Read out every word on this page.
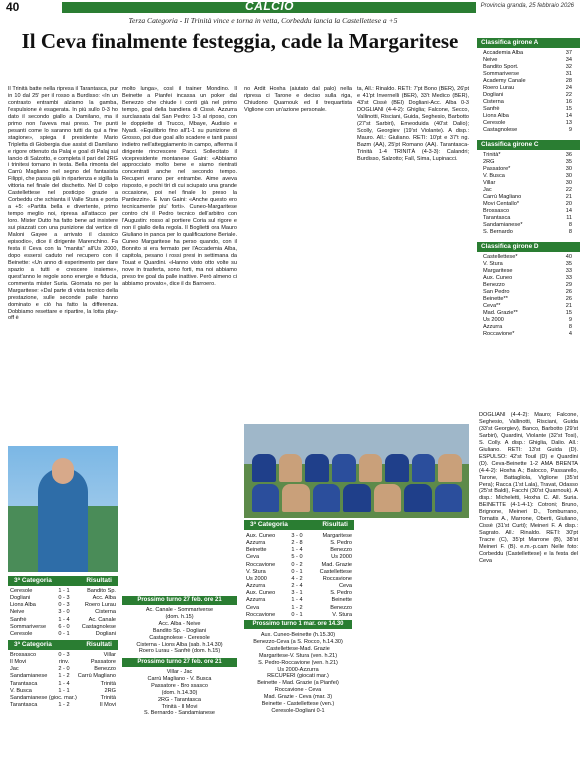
40	CALCIO	Provincia granda, 25 febbraio 2026
Terza Categoria - Il Trinità vince e torna in vetta, Corbeddu lancia la Castellettese a +5
Il Ceva finalmente festeggia, cade la Margaritese

Il Trinità batte nella ripresa il Tarantasca, pur in 10 dal 25' per il rosso a Burdisso: «In un contrasto entrambi alziamo la gamba, l'espulsione è esagerata. In più sullo 0-3 ho dato il secondo giallo a Damilano, ma il primo non l'aveva mai preso. Tre punti pesanti come lo saranno tutti da qui a fine stagione», spiega il presidente Mario Tripletta di Giobergia due assist di Damilano e rigore ottenuto da Palaj e goal di Palaj sul lancio di Salzotto, e completa il pari del 2RG i trinitesi tornano in testa. Bella rimonta del Carrù Magliano nel segno del fantasista Filippi, che passa già in ripartenza e sigilla la vittoria nel finale del dischetto. Nel D colpo Castellettese nel posticipo grazie a Corbeddu che schianta il Valle Stura e porta a +5: «Partita bella e divertente, primo tempo meglio noi, ripresa all'attacco per loro. Mister Dutto ha fatto bene ad insistere sui piazzati con una punizione dal vertice di Maloni Gayee a arrivato il classico episodio», dice il dirigente Marenchino. Fa festa il Ceva con la "manita" all'Us 2000, dopo essersi caduto nel recupero con il Beinette: «Un anno di esperimento per dare spazio a tutti e crescere insieme», quest'anno le regole sono energie e fiducia, commenta mister Suria. Giornata no per la Margaritese: «Dal parte di vista tecnico della prestazione, sulle seconde palle hanno dominato e ciò ha fatto la differenza. Dobbiamo resettare e ripartire, la lotta play-off è

molto lunga», così il trainer Mondino. Il Beinette a Pianfei incassa un poker dal Benezzo che chiude i conti già nel primo tempo, goal della bandiera di Cissè. Azzurra surclassata dal San Pedro: 1-3 al riposo, con le doppiette di Trucco, Mbaye, Audisio e Nyadi. «Equilibrio fino all'1-1 su punizione di Grosso, poi due goal allo scadere e tanti passi indietro nell'atteggiamento in campo, afferma il dirigente rincrescere Pacci. Sollecitato il vicepresidente montanese Gaini: «Abbiamo approcciato molto bene e siamo rientrati concentrati anche nel secondo tempo. Recuperi erano per entrambe. Aime aveva risposto, e pochi tiri di cui sciupato una grande occasione, poi nel finale lo preso la Pardezzin». E Ivan Gaini: «Anche questo ero tecnicamente piu' forti». Cuneo-Margaritese contro chi il Pedro tecnico dell'arbitro con l'Augustin: rosso al portiere Coria sul rigore e non il giallo della regola. Il Boglietti ora Mauro Giuliano in panca per lo qualificazione Beriale. Cuneo Margaritese ha perso quando, con il Bonnito si era fermato per l'Accademia Alba, capitola, pesano i rossi presi in settimana da Touat e Quardini. «Hanno visto otto volte su nove in trasferta, sono forti, ma noi abbiamo preso tre goal da palle inattive. Però almeno ci abbiamo provato», dice il ds Barroero.

no Ardit Hoxha (aiutato dal palo) nella ripresa ci Tarone e deciso sulla riga, Chiudono Quarnouk ed il trequartista Viglione con un'azione personale.

ta, All.: Rinaldo. RETI: 7'pt Bono (BER), 26'pt e 41'pt Invernelli (BER), 33't Medico (BER), 43'st Cissè (BEI) Dogliani-Acc. Alba 0-3 DOGLIANI (4-4-2): Ghiglia; Falcone, Secco, Vallinotti, Risciani, Guida, Seghesio, Barbotto (27'st Sarbiri), Emeoduida (40'st Dalio); Scolly, Georgiev (19'st Violante). A disp.: Mauro. All.: Giuliano. RETI: 10'pt e 37't ng. Bazm (AA), 25'pt Romano (AA). Tarantasca-Trinità 1-4 TRINITÀ (4-3-3): Calandri; Burdisso, Salzotto; Fall, Sima, Lupinacci.

3ª Categoria	Risultati
Ceresole	1 - 1	Bandito Sp.
Dogliani	0 - 3	Acc. Alba
Lions Alba	0 - 3	Roero Lurau
Neive	3 - 0	Cisterna
Sanfrè	1 - 4	Ac. Canale
Sommariverse	6 - 0	Castagnolese
Ceresole	0 - 1	Dogliani
3ª Categoria	Risultati
Brossasco	0 - 3	Villar
Il Movi	rinv.	Passatore
Jac	2 - 0	Benezzo
Sandamianese	1 - 2	Carrù Magliano
Tarantasca	1 - 4	Trinità
V. Busca	1 - 1	2RG
Sandamianese (gioc. mar.)	Trinità
Tarantasca	1 - 2	Il Movi
Prossimo turno 27 feb. ore 21
Ac. Canale - Sommariverse
(dom. h.15)
Acc. Alba - Neive
Bandito Sp. - Dogliani
Castagnolese - Ceresole
Cisterna - Lions Alba (sab. h.14.30)
Roero Lurau - Sanfrè (dom. h.15)
Prossimo turno 27 feb. ore 21
Villar - Jac
Carrù Magliano - V. Busca
Passatore - Bro ssasco
(dom. h.14.30)
2RG - Tarantasca
Trinità - Il Movi
S. Bernardo - Sandamianese
3ª Categoria	Risultati
Aux. Cuneo	3 - 0	Margaritese
Azzurra	2 - 8	S. Pedro
Beinette	1 - 4	Benezzo
Ceva	5 - 0	Us 2000
Roccavione	0 - 2	Mad. Grazie
V. Stura	0 - 1	Castellettese
Us 2000	4 - 2	Roccavione
Azzurra	2 - 4	Ceva
Aux. Cuneo	3 - 1	S. Pedro
Azzurra	1 - 4	Beinette
Ceva	1 - 2	Benezzo
Roccavione	0 - 1	V. Stura
Prossimo turno 1 mar. ore 14.30
Aux. Cuneo-Beinette (h.15.30)
Benezzo-Ceva (a S. Rocco, h.14.30)
Castellettese-Mad. Grazie
Margaritese-V. Stura (ven. h.21)
S. Pedro-Roccavione (ven. h.21)
Us 2000-Azzurra
RECUPERI (giocati mar.)
Beinette - Mad. Grazie (a Pianfei)
Roccavione - Ceva
Mad. Grazie - Ceva (mar. 3)
Beinette - Castellettese (ven.)
Ceresole-Dogliani 0-1
Classifica girone A
Accademia Alba	37
Neive	34
Bandito Sport.	32
Sommariverse	31
Academy Canale	28
Roero Lurau	24
Dogliani	22
Cisterna	16
Sanfrè	15
Lions Alba	14
Ceresole	13
Castagnolese	9
Classifica girone C
Trinità*	36
2RG	35
Passatore*	30
V. Busca	30
Villar	30
Jac	22
Carrù Magliano	21
Movi Centallo*	20
Brossasco	14
Tarantasca	11
Sandamianese*	8
S. Bernardo	8
Classifica girone D
Castellettese*	40
V. Stura	35
Margaritese	33
Aux. Cuneo	33
Benezzo	29
San Pedro	26
Beinette**	26
Ceva**	21
Mad. Grazie**	15
Us 2000	9
Azzurra	8
Roccavione*	4

DOGLIANI (4-4-2): Mauro; Falcone, Seghesio, Vallinotti, Risciani, Guida (33'st Georgiev), Banco, Barbotto (29'st Sarbiri), Quardini, Violante (32'st Tosi), S. Colly. A disp.: Ghiglia, Dalio. All.: Giuliano. RETI: 13'st Guida (D). ESPULSO: 42'st Touil (D) e Quardini (D). Ceva-Beinette 1-2 AMA BRENTA (4-4-2): Hoxha A.; Balocco, Passarello, Tarone, Battagliola, Viglione (35'st Pera); Racca (1'st Lala), Travat, Odasso (25'st Baldi), Facchi (30'st Quarnouk). A disp.: Micheletti, Hoxha C. All. Suria. BEINETTE (4-1-4-1): Cotroni; Bruno, Brignone, Meineri D., Tomburrano, Tornatis A., Marrone, Oberti, Giuliano, Cissè (31'st Curti); Meineri F. A disp.: Sagrato. All.: Rinaldo. RETI: 30'pt Tracre (C), 35'pt Marrone (B), 38'st Meineri F. (B). e.m.-p.cam Nelle foto: Corbeddu (Castellettese) e la festa del Ceva
